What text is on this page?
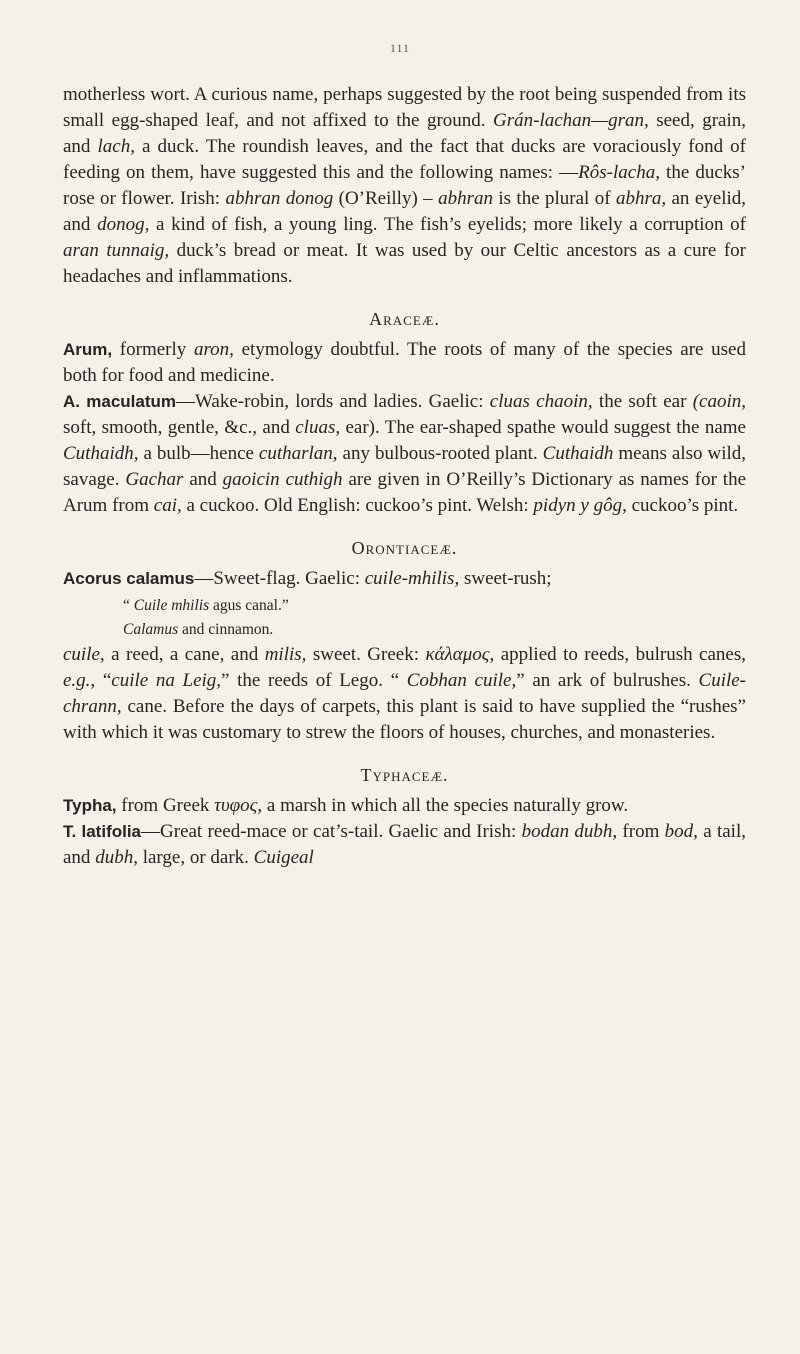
111

motherless wort. A curious name, perhaps suggested by the root being suspended from its small egg-shaped leaf, and not affixed to the ground. Grán-lachan—gran, seed, grain, and lach, a duck. The roundish leaves, and the fact that ducks are voraciously fond of feeding on them, have suggested this and the following names: —Rôs-lacha, the ducks’ rose or flower. Irish: abhran donog (O’Reilly) – abhran is the plural of abhra, an eyelid, and donog, a kind of fish, a young ling. The fish’s eyelids; more likely a corruption of aran tunnaig, duck’s bread or meat. It was used by our Celtic ancestors as a cure for headaches and inflammations.

Araceæ.

Arum, formerly aron, etymology doubtful. The roots of many of the species are used both for food and medicine.

A. maculatum—Wake-robin, lords and ladies. Gaelic: cluas chaoin, the soft ear (caoin, soft, smooth, gentle, &c., and cluas, ear). The ear-shaped spathe would suggest the name Cuthaidh, a bulb—hence cutharlan, any bulbous-rooted plant. Cuthaidh means also wild, savage. Gachar and gaoicin cuthigh are given in O’Reilly’s Dictionary as names for the Arum from cai, a cuckoo. Old English: cuckoo’s pint. Welsh: pidyn y gôg, cuckoo’s pint.

Orontiaceæ.

Acorus calamus—Sweet-flag. Gaelic: cuile-mhilis, sweet-rush;

“ Cuile mhilis agus canal.”
Calamus and cinnamon.

cuile, a reed, a cane, and milis, sweet. Greek: κάλαμος, applied to reeds, bulrush canes, e.g., “cuile na Leig,” the reeds of Lego. “ Cobhan cuile,” an ark of bulrushes. Cuile-chrann, cane. Before the days of carpets, this plant is said to have supplied the “rushes” with which it was customary to strew the floors of houses, churches, and monasteries.

Typhaceæ.

Typha, from Greek τυφος, a marsh in which all the species naturally grow.

T. latifolia—Great reed-mace or cat’s-tail. Gaelic and Irish: bodan dubh, from bod, a tail, and dubh, large, or dark. Cuigeal
